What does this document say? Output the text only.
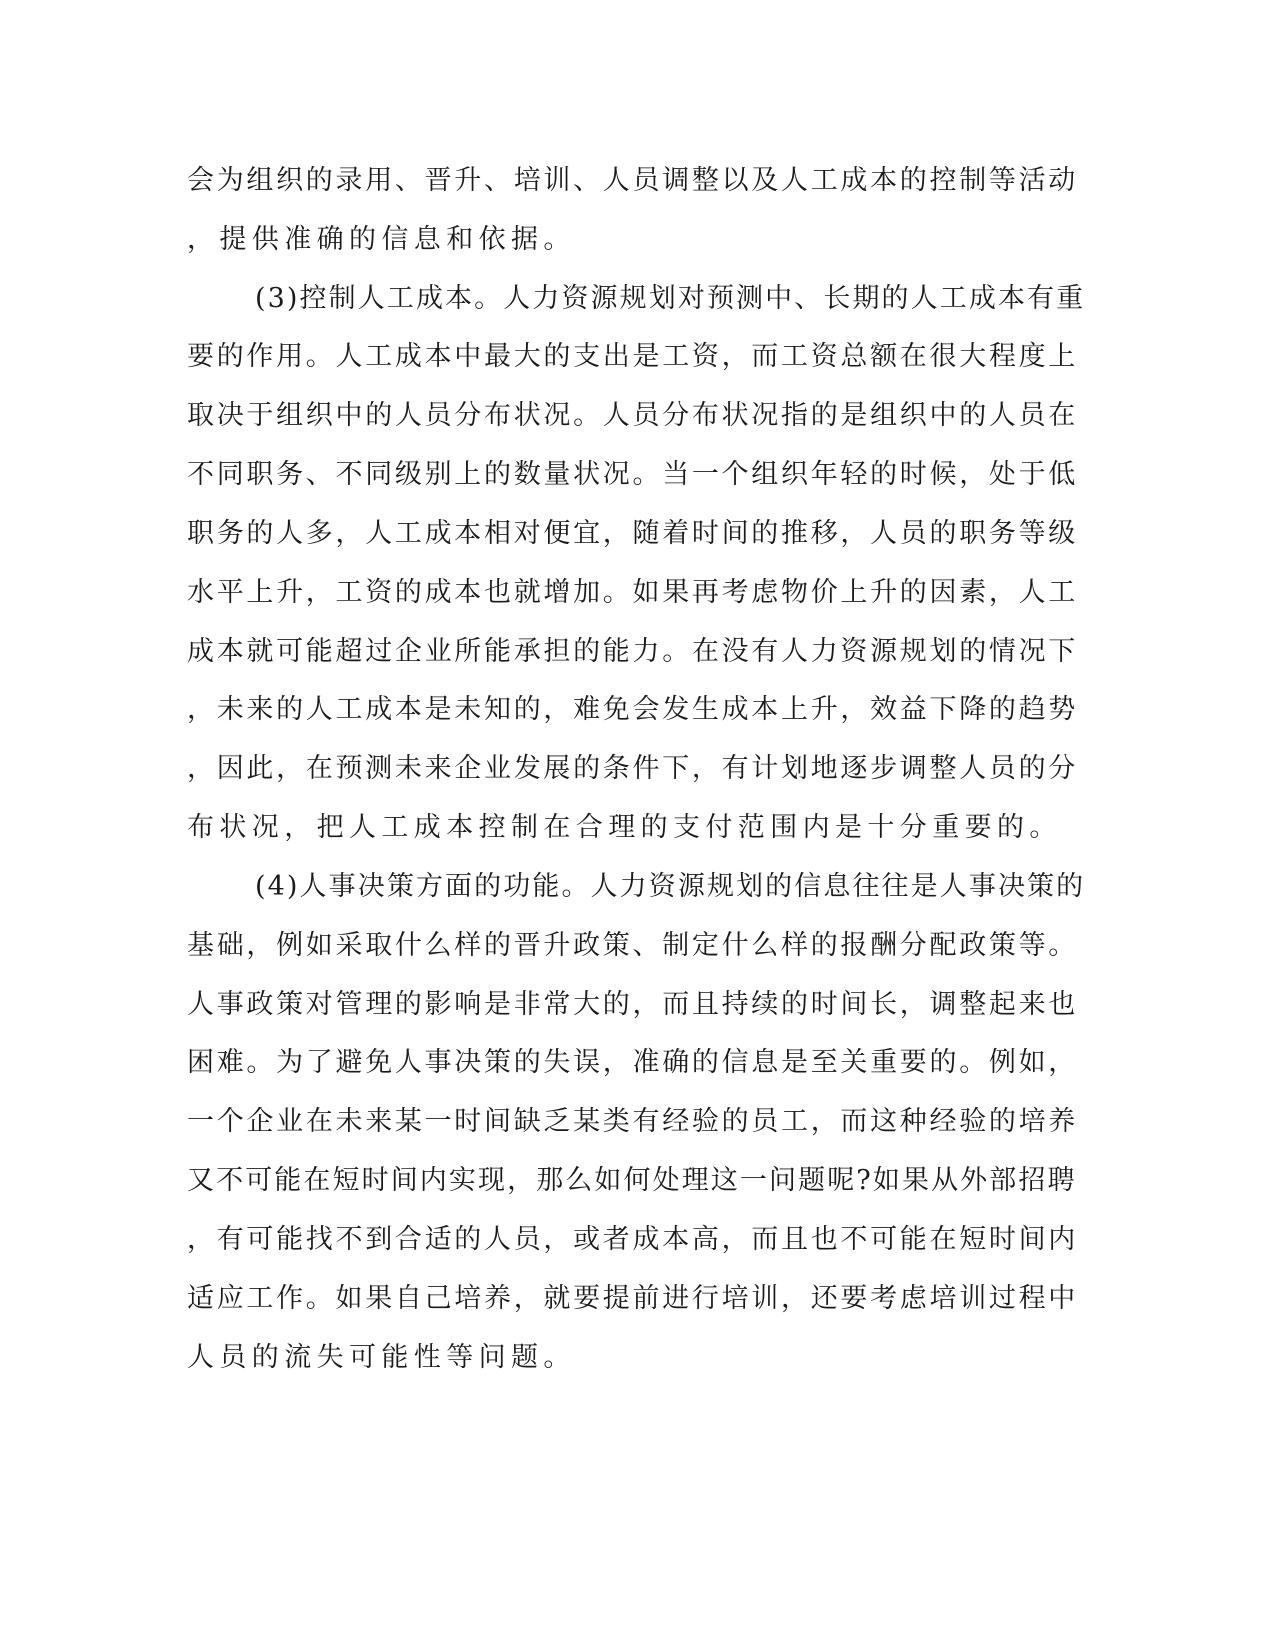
会为组织的录用、晋升、培训、人员调整以及人工成本的控制等活动
，提供准确的信息和依据。
(3)控制人工成本。人力资源规划对预测中、长期的人工成本有重
要的作用。人工成本中最大的支出是工资，而工资总额在很大程度上
取决于组织中的人员分布状况。人员分布状况指的是组织中的人员在
不同职务、不同级别上的数量状况。当一个组织年轻的时候，处于低
职务的人多，人工成本相对便宜，随着时间的推移，人员的职务等级
水平上升，工资的成本也就增加。如果再考虑物价上升的因素，人工
成本就可能超过企业所能承担的能力。在没有人力资源规划的情况下
，未来的人工成本是未知的，难免会发生成本上升，效益下降的趋势
，因此，在预测未来企业发展的条件下，有计划地逐步调整人员的分
布状况，把人工成本控制在合理的支付范围内是十分重要的。
(4)人事决策方面的功能。人力资源规划的信息往往是人事决策的
基础，例如采取什么样的晋升政策、制定什么样的报酬分配政策等。
人事政策对管理的影响是非常大的，而且持续的时间长，调整起来也
困难。为了避免人事决策的失误，准确的信息是至关重要的。例如，
一个企业在未来某一时间缺乏某类有经验的员工，而这种经验的培养
又不可能在短时间内实现，那么如何处理这一问题呢?如果从外部招聘
，有可能找不到合适的人员，或者成本高，而且也不可能在短时间内
适应工作。如果自己培养，就要提前进行培训，还要考虑培训过程中
人员的流失可能性等问题。
